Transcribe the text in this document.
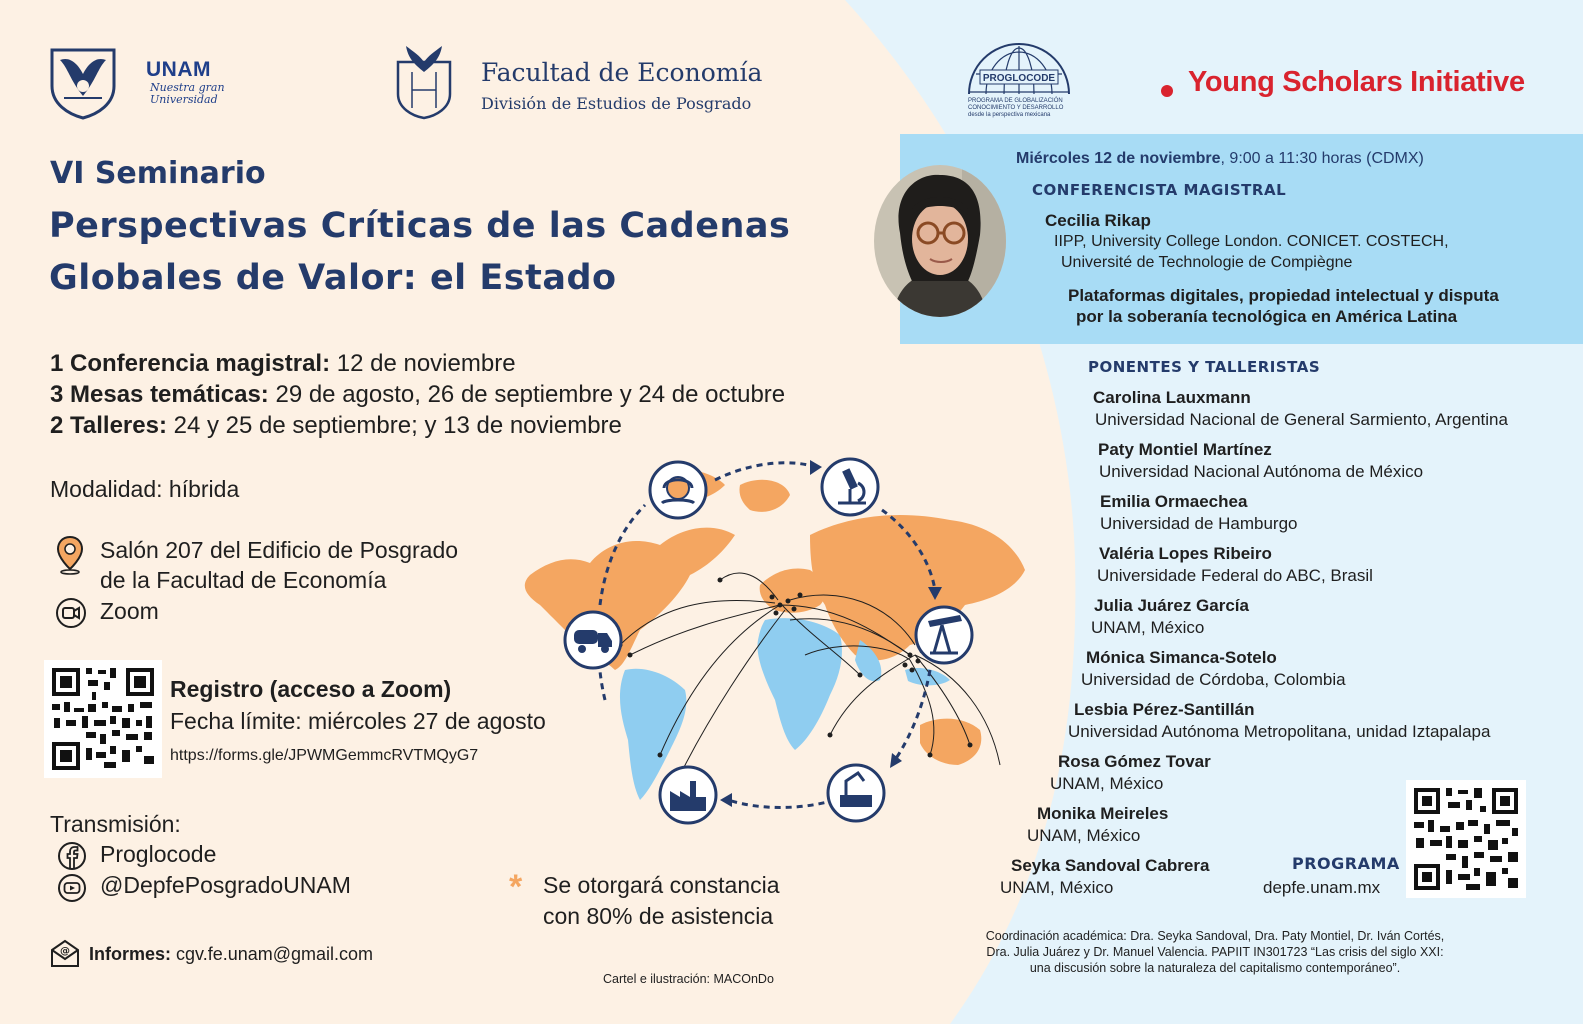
UNAM
Nuestra gran Universidad
Facultad de Economía
División de Estudios de Posgrado
PROGLOCODE
PROGRAMA DE GLOBALIZACIÓN
CONOCIMIENTO Y DESARROLLO
desde la perspectiva mexicana
Young Scholars Initiative
VI Seminario
Perspectivas Críticas de las Cadenas
Globales de Valor: el Estado
1 Conferencia magistral: 12 de noviembre
3 Mesas temáticas: 29 de agosto, 26 de septiembre y 24 de octubre
2 Talleres: 24 y 25 de septiembre; y 13 de noviembre
Modalidad: híbrida
Salón 207 del Edificio de Posgrado
de la Facultad de Economía
Zoom
Registro (acceso a Zoom)
Fecha límite: miércoles 27 de agosto
https://forms.gle/JPWMGemmcRVTMQyG7
Transmisión:
Proglocode
@DepfePosgradoUNAM
@ Informes: cgv.fe.unam@gmail.com
* Se otorgará constancia
con 80% de asistencia
Cartel e ilustración: MACOnDo
Miércoles 12 de noviembre, 9:00 a 11:30 horas (CDMX)
CONFERENCISTA MAGISTRAL
Cecilia Rikap
IIPP, University College London. CONICET. COSTECH,
Université de Technologie de Compiègne
Plataformas digitales, propiedad intelectual y disputa
por la soberanía tecnológica en América Latina
PONENTES Y TALLERISTAS
Carolina Lauxmann
Universidad Nacional de General Sarmiento, Argentina
Paty Montiel Martínez
Universidad Nacional Autónoma de México
Emilia Ormaechea
Universidad de Hamburgo
Valéria Lopes Ribeiro
Universidade Federal do ABC, Brasil
Julia Juárez García
UNAM, México
Mónica Simanca-Sotelo
Universidad de Córdoba, Colombia
Lesbia Pérez-Santillán
Universidad Autónoma Metropolitana, unidad Iztapalapa
Rosa Gómez Tovar
UNAM, México
Monika Meireles
UNAM, México
Seyka Sandoval Cabrera
UNAM, México
PROGRAMA
depfe.unam.mx
Coordinación académica: Dra. Seyka Sandoval, Dra. Paty Montiel, Dr. Iván Cortés,
Dra. Julia Juárez y Dr. Manuel Valencia. PAPIIT IN301723 “Las crisis del siglo XXI:
una discusión sobre la naturaleza del capitalismo contemporáneo”.
